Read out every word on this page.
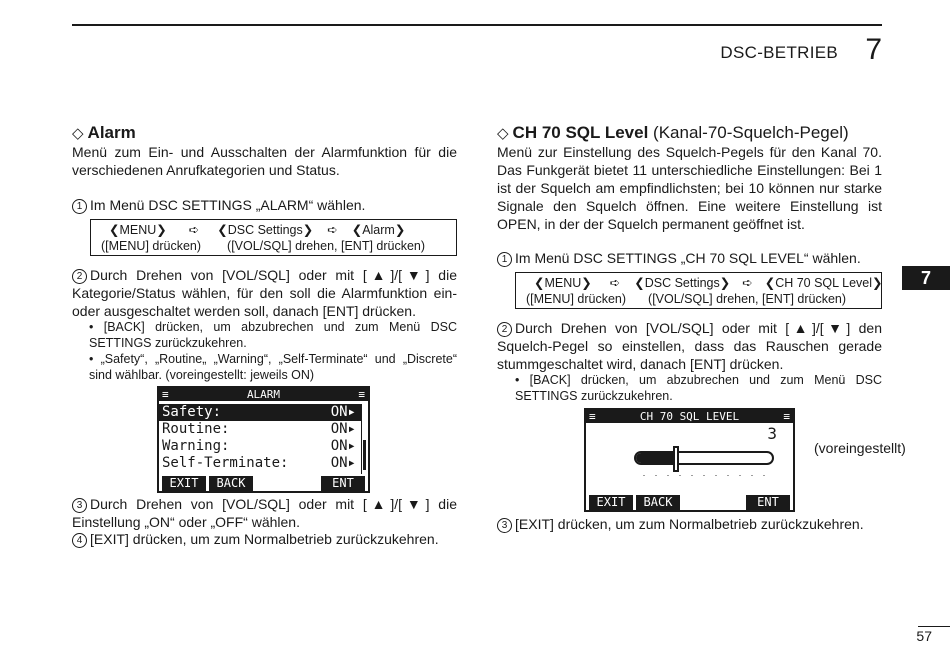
DSC-BETRIEB 7
7
◇ Alarm
Menü zum Ein- und Ausschalten der Alarmfunktion für die verschiedenen Anrufkategorien und Status.
1 Im Menü DSC SETTINGS „ALARM“ wählen.
❮MENU❯ ➪ ❮DSC Settings❯ ➪ ❮Alarm❯
([MENU] drücken) ([VOL/SQL] drehen, [ENT] drücken)
2 Durch Drehen von [VOL/SQL] oder mit [▲]/[▼] die Kategorie/Status wählen, für den soll die Alarmfunktion ein- oder ausgeschaltet werden soll, danach [ENT] drücken.
• [BACK] drücken, um abzubrechen und zum Menü DSC SETTINGS zurückzukehren.
• „Safety“, „Routine„ „Warning“, „Self-Terminate“ und „Discrete“ sind wählbar. (voreingestellt: jeweils ON)
≡	ALARM	≡
Safety:	ON▸
Routine:	ON▸
Warning:	ON▸
Self-Terminate:	ON▸
EXIT	BACK	ENT
3 Durch Drehen von [VOL/SQL] oder mit [▲]/[▼] die Einstellung „ON“ oder „OFF“ wählen.
4 [EXIT] drücken, um zum Normalbetrieb zurückzukehren.
◇ CH 70 SQL Level (Kanal-70-Squelch-Pegel)
Menü zur Einstellung des Squelch-Pegels für den Kanal 70. Das Funkgerät bietet 11 unterschiedliche Einstellungen: Bei 1 ist der Squelch am empfindlichsten; bei 10 können nur starke Signale den Squelch öffnen. Eine weitere Einstellung ist OPEN, in der der Squelch permanent geöffnet ist.
1 Im Menü DSC SETTINGS „CH 70 SQL LEVEL“ wählen.
❮MENU❯ ➪ ❮DSC Settings❯ ➪ ❮CH 70 SQL Level❯
([MENU] drücken) ([VOL/SQL] drehen, [ENT] drücken)
2 Durch Drehen von [VOL/SQL] oder mit [▲]/[▼] den Squelch-Pegel so einstellen, dass das Rauschen gerade stummgeschaltet wird, danach [ENT] drücken.
• [BACK] drücken, um abzubrechen und zum Menü DSC SETTINGS zurückzukehren.
≡	CH 70 SQL LEVEL	≡
3
EXIT	BACK	ENT
(voreingestellt)
3 [EXIT] drücken, um zum Normalbetrieb zurückzukehren.
57
